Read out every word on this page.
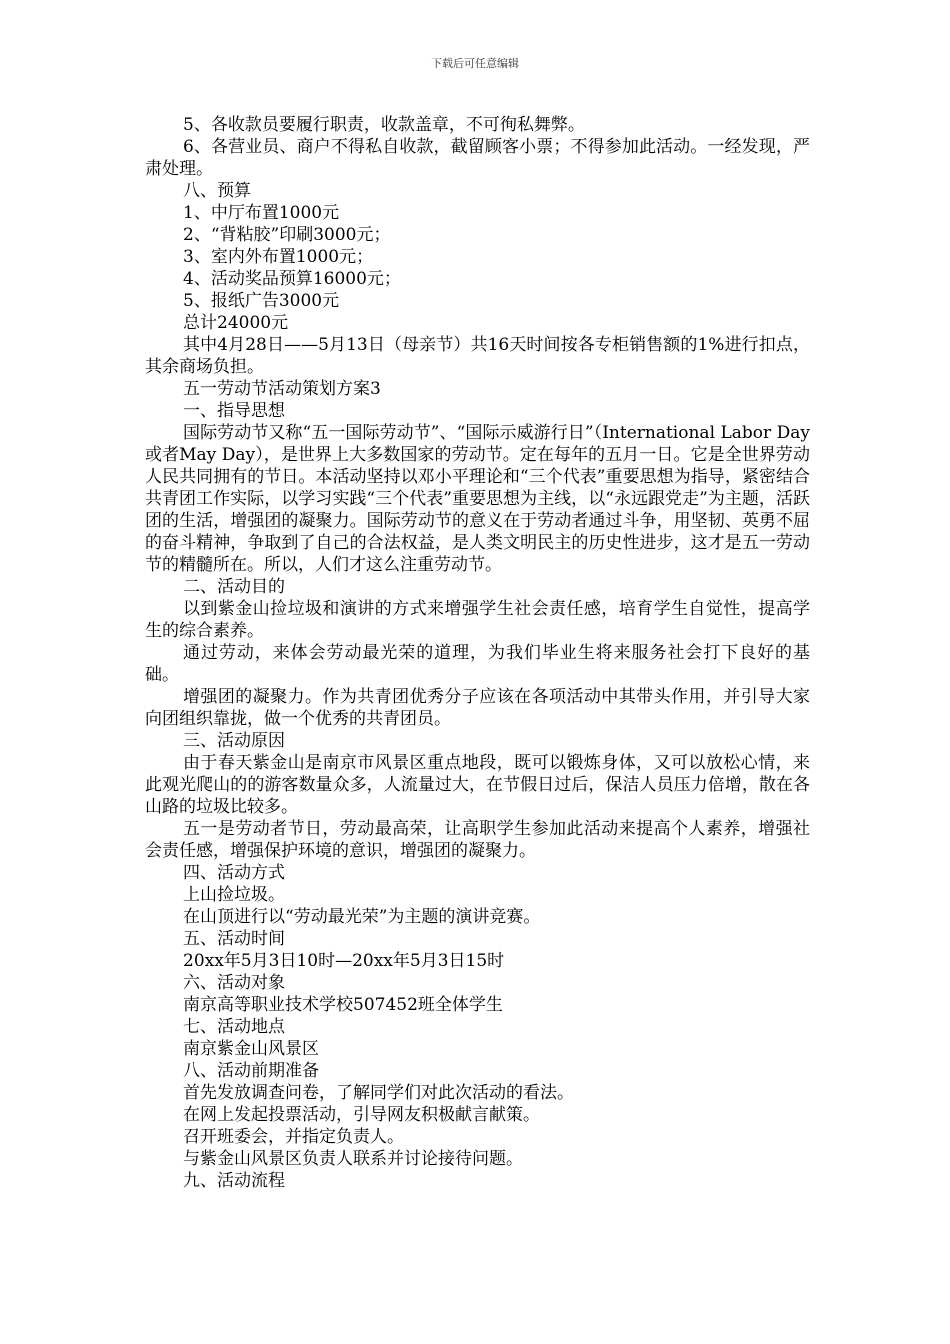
下载后可任意编辑

5、各收款员要履行职责，收款盖章，不可徇私舞弊。

6、各营业员、商户不得私自收款，截留顾客小票；不得参加此活动。一经发现，严肃处理。

八、预算

1、中厅布置1000元

2、“背粘胶”印刷3000元；

3、室内外布置1000元；

4、活动奖品预算16000元；

5、报纸广告3000元

总计24000元

其中4月28日——5月13日（母亲节）共16天时间按各专柜销售额的1%进行扣点，其余商场负担。

五一劳动节活动策划方案3

一、指导思想

国际劳动节又称“五一国际劳动节”、“国际示威游行日”（International Labor Day或者May Day），是世界上大多数国家的劳动节。定在每年的五月一日。它是全世界劳动人民共同拥有的节日。本活动坚持以邓小平理论和“三个代表”重要思想为指导，紧密结合共青团工作实际，以学习实践“三个代表”重要思想为主线，以“永远跟党走”为主题，活跃团的生活，增强团的凝聚力。国际劳动节的意义在于劳动者通过斗争，用坚韧、英勇不屈的奋斗精神，争取到了自己的合法权益，是人类文明民主的历史性进步，这才是五一劳动节的精髓所在。所以，人们才这么注重劳动节。

二、活动目的

以到紫金山捡垃圾和演讲的方式来增强学生社会责任感，培育学生自觉性，提高学生的综合素养。

通过劳动，来体会劳动最光荣的道理，为我们毕业生将来服务社会打下良好的基础。

增强团的凝聚力。作为共青团优秀分子应该在各项活动中其带头作用，并引导大家向团组织靠拢，做一个优秀的共青团员。

三、活动原因

由于春天紫金山是南京市风景区重点地段，既可以锻炼身体，又可以放松心情，来此观光爬山的的游客数量众多，人流量过大，在节假日过后，保洁人员压力倍增，散在各山路的垃圾比较多。

五一是劳动者节日，劳动最高荣，让高职学生参加此活动来提高个人素养，增强社会责任感，增强保护环境的意识，增强团的凝聚力。

四、活动方式

上山捡垃圾。

在山顶进行以“劳动最光荣”为主题的演讲竞赛。

五、活动时间

20xx年5月3日10时—20xx年5月3日15时

六、活动对象

南京高等职业技术学校507452班全体学生

七、活动地点

南京紫金山风景区

八、活动前期准备

首先发放调查问卷，了解同学们对此次活动的看法。

在网上发起投票活动，引导网友积极献言献策。

召开班委会，并指定负责人。

与紫金山风景区负责人联系并讨论接待问题。

九、活动流程
